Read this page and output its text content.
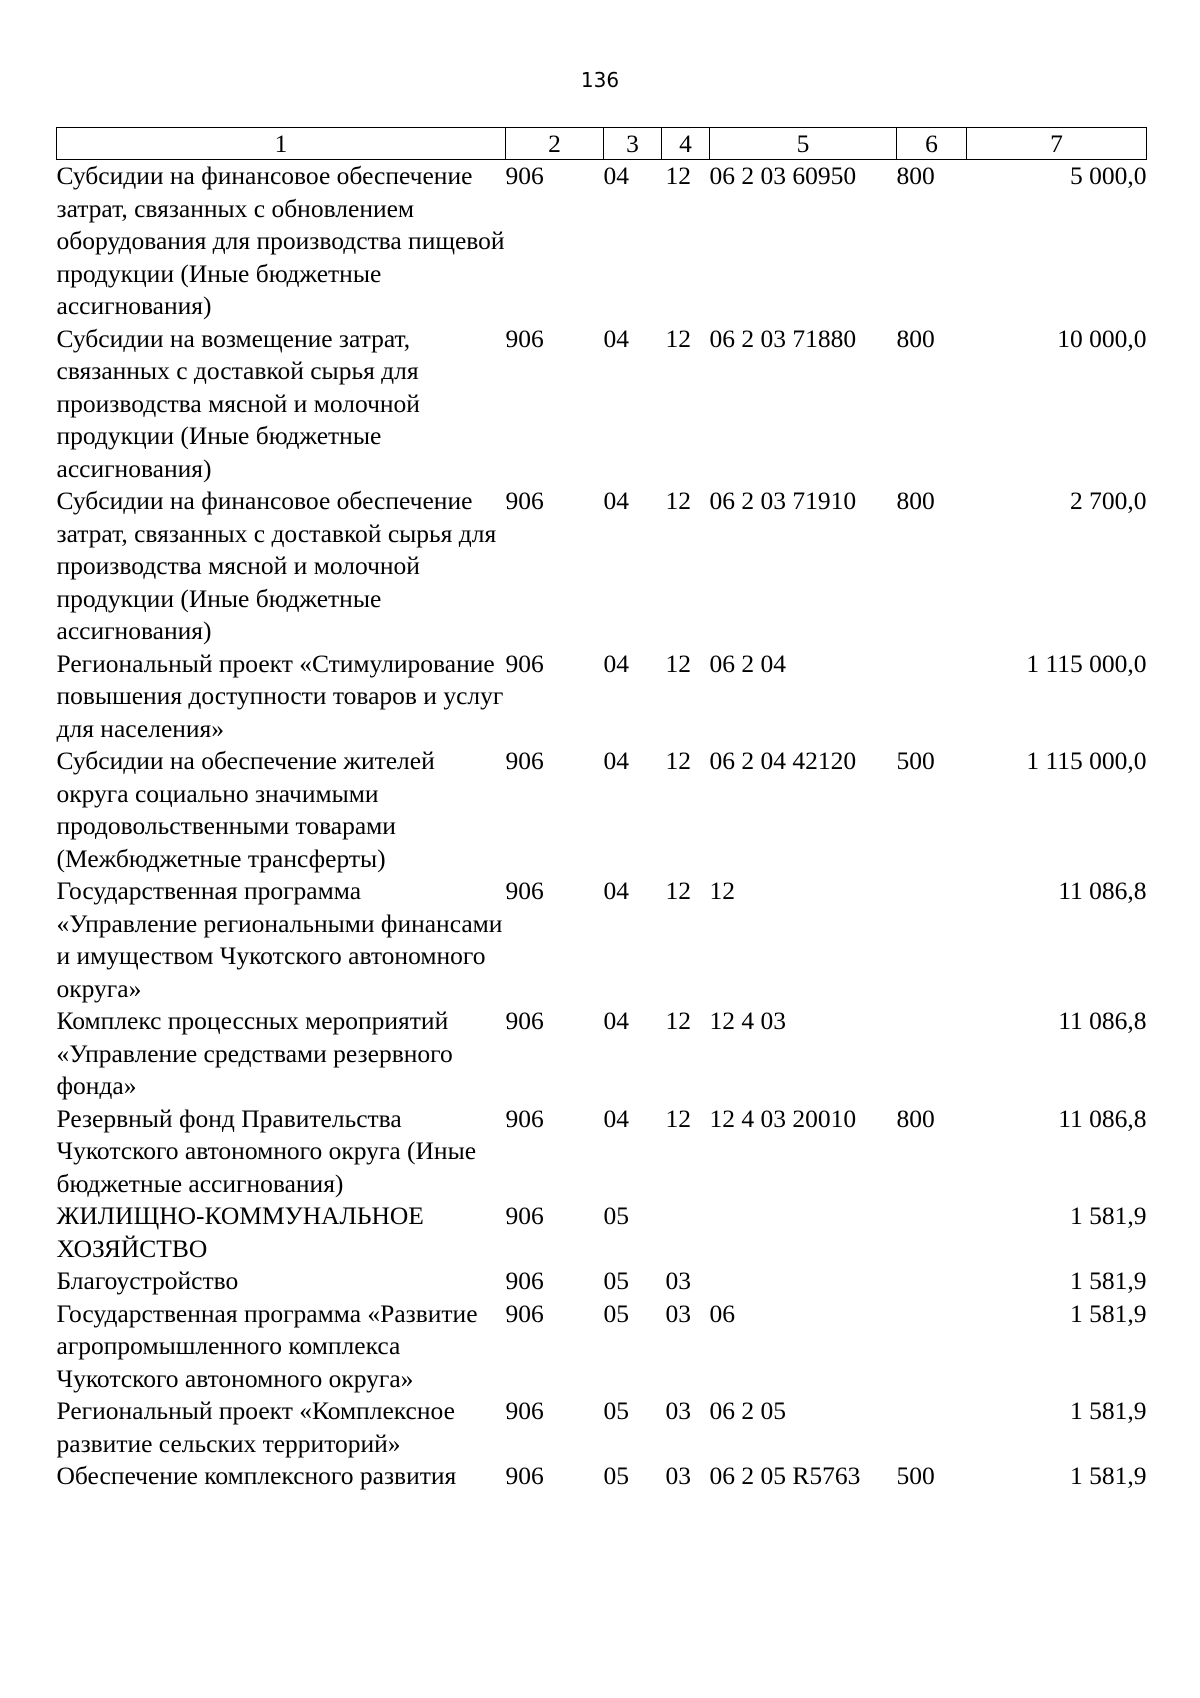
136
1	2	3	4	5	6	7
Субсидии на финансовое обеспечение затрат, связанных с обновлением оборудования для производства пищевой продукции (Иные бюджетные ассигнования)	906	04	12	06 2 03 60950	800	5 000,0
Субсидии на возмещение затрат, связанных с доставкой сырья для производства мясной и молочной продукции (Иные бюджетные ассигнования)	906	04	12	06 2 03 71880	800	10 000,0
Субсидии на финансовое обеспечение затрат, связанных с доставкой сырья для производства мясной и молочной продукции (Иные бюджетные ассигнования)	906	04	12	06 2 03 71910	800	2 700,0
Региональный проект «Стимулирование повышения доступности товаров и услуг для населения»	906	04	12	06 2 04		1 115 000,0
Субсидии на обеспечение жителей округа социально значимыми продовольственными товарами (Межбюджетные трансферты)	906	04	12	06 2 04 42120	500	1 115 000,0
Государственная программа «Управление региональными финансами и имуществом Чукотского автономного округа»	906	04	12	12		11 086,8
Комплекс процессных мероприятий «Управление средствами резервного фонда»	906	04	12	12 4 03		11 086,8
Резервный фонд Правительства Чукотского автономного округа (Иные бюджетные ассигнования)	906	04	12	12 4 03 20010	800	11 086,8
ЖИЛИЩНО-КОММУНАЛЬНОЕ ХОЗЯЙСТВО	906	05				1 581,9
Благоустройство	906	05	03			1 581,9
Государственная программа «Развитие агропромышленного комплекса Чукотского автономного округа»	906	05	03	06		1 581,9
Региональный проект «Комплексное развитие сельских территорий»	906	05	03	06 2 05		1 581,9
Обеспечение комплексного развития	906	05	03	06 2 05 R5763	500	1 581,9
